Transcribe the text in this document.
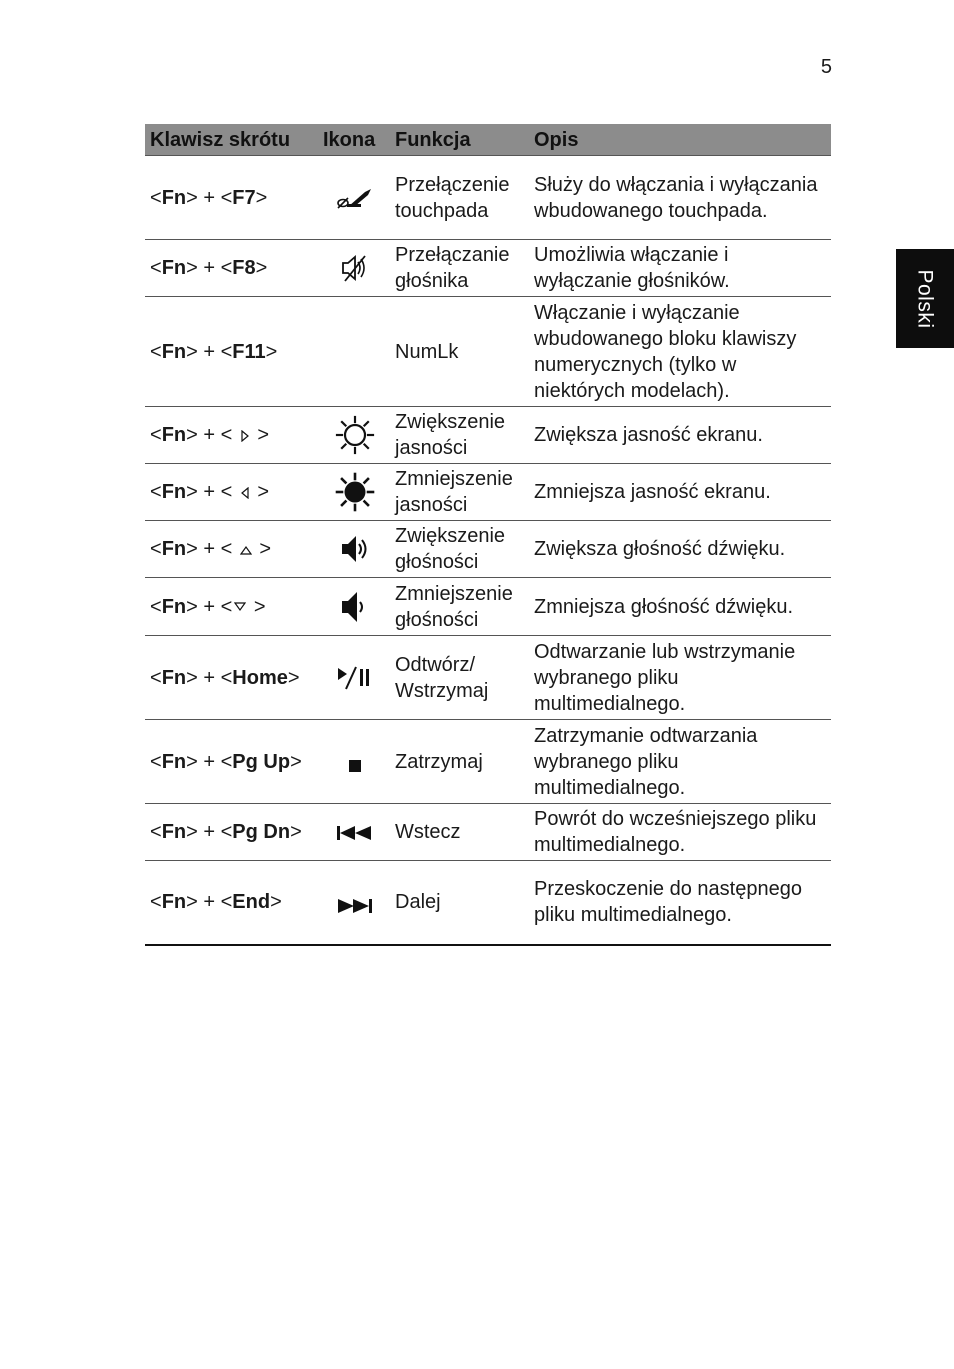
5
Polski
Klawisz skrótu	Ikona	Funkcja	Opis
<Fn> + <F7>		Przełączenie touchpada	Służy do włączania i wyłączania wbudowanego touchpada.
<Fn> + <F8>		Przełączanie głośnika	Umożliwia włączanie i wyłączanie głośników.
<Fn> + <F11>		NumLk	Włączanie i wyłączanie wbudowanego bloku klawiszy numerycznych (tylko w niektórych modelach).
<Fn> + <  >		Zwiększenie jasności	Zwiększa jasność ekranu.
<Fn> + <  >		Zmniejszenie jasności	Zmniejsza jasność ekranu.
<Fn> + <  >		Zwiększenie głośności	Zwiększa głośność dźwięku.
<Fn> + < >		Zmniejszenie głośności	Zmniejsza głośność dźwięku.
<Fn> + <Home>		Odtwórz/ Wstrzymaj	Odtwarzanie lub wstrzymanie wybranego pliku multimedialnego.
<Fn> + <Pg Up>		Zatrzymaj	Zatrzymanie odtwarzania wybranego pliku multimedialnego.
<Fn> + <Pg Dn>		Wstecz	Powrót do wcześniejszego pliku multimedialnego.
<Fn> + <End>		Dalej	Przeskoczenie do następnego pliku multimedialnego.
